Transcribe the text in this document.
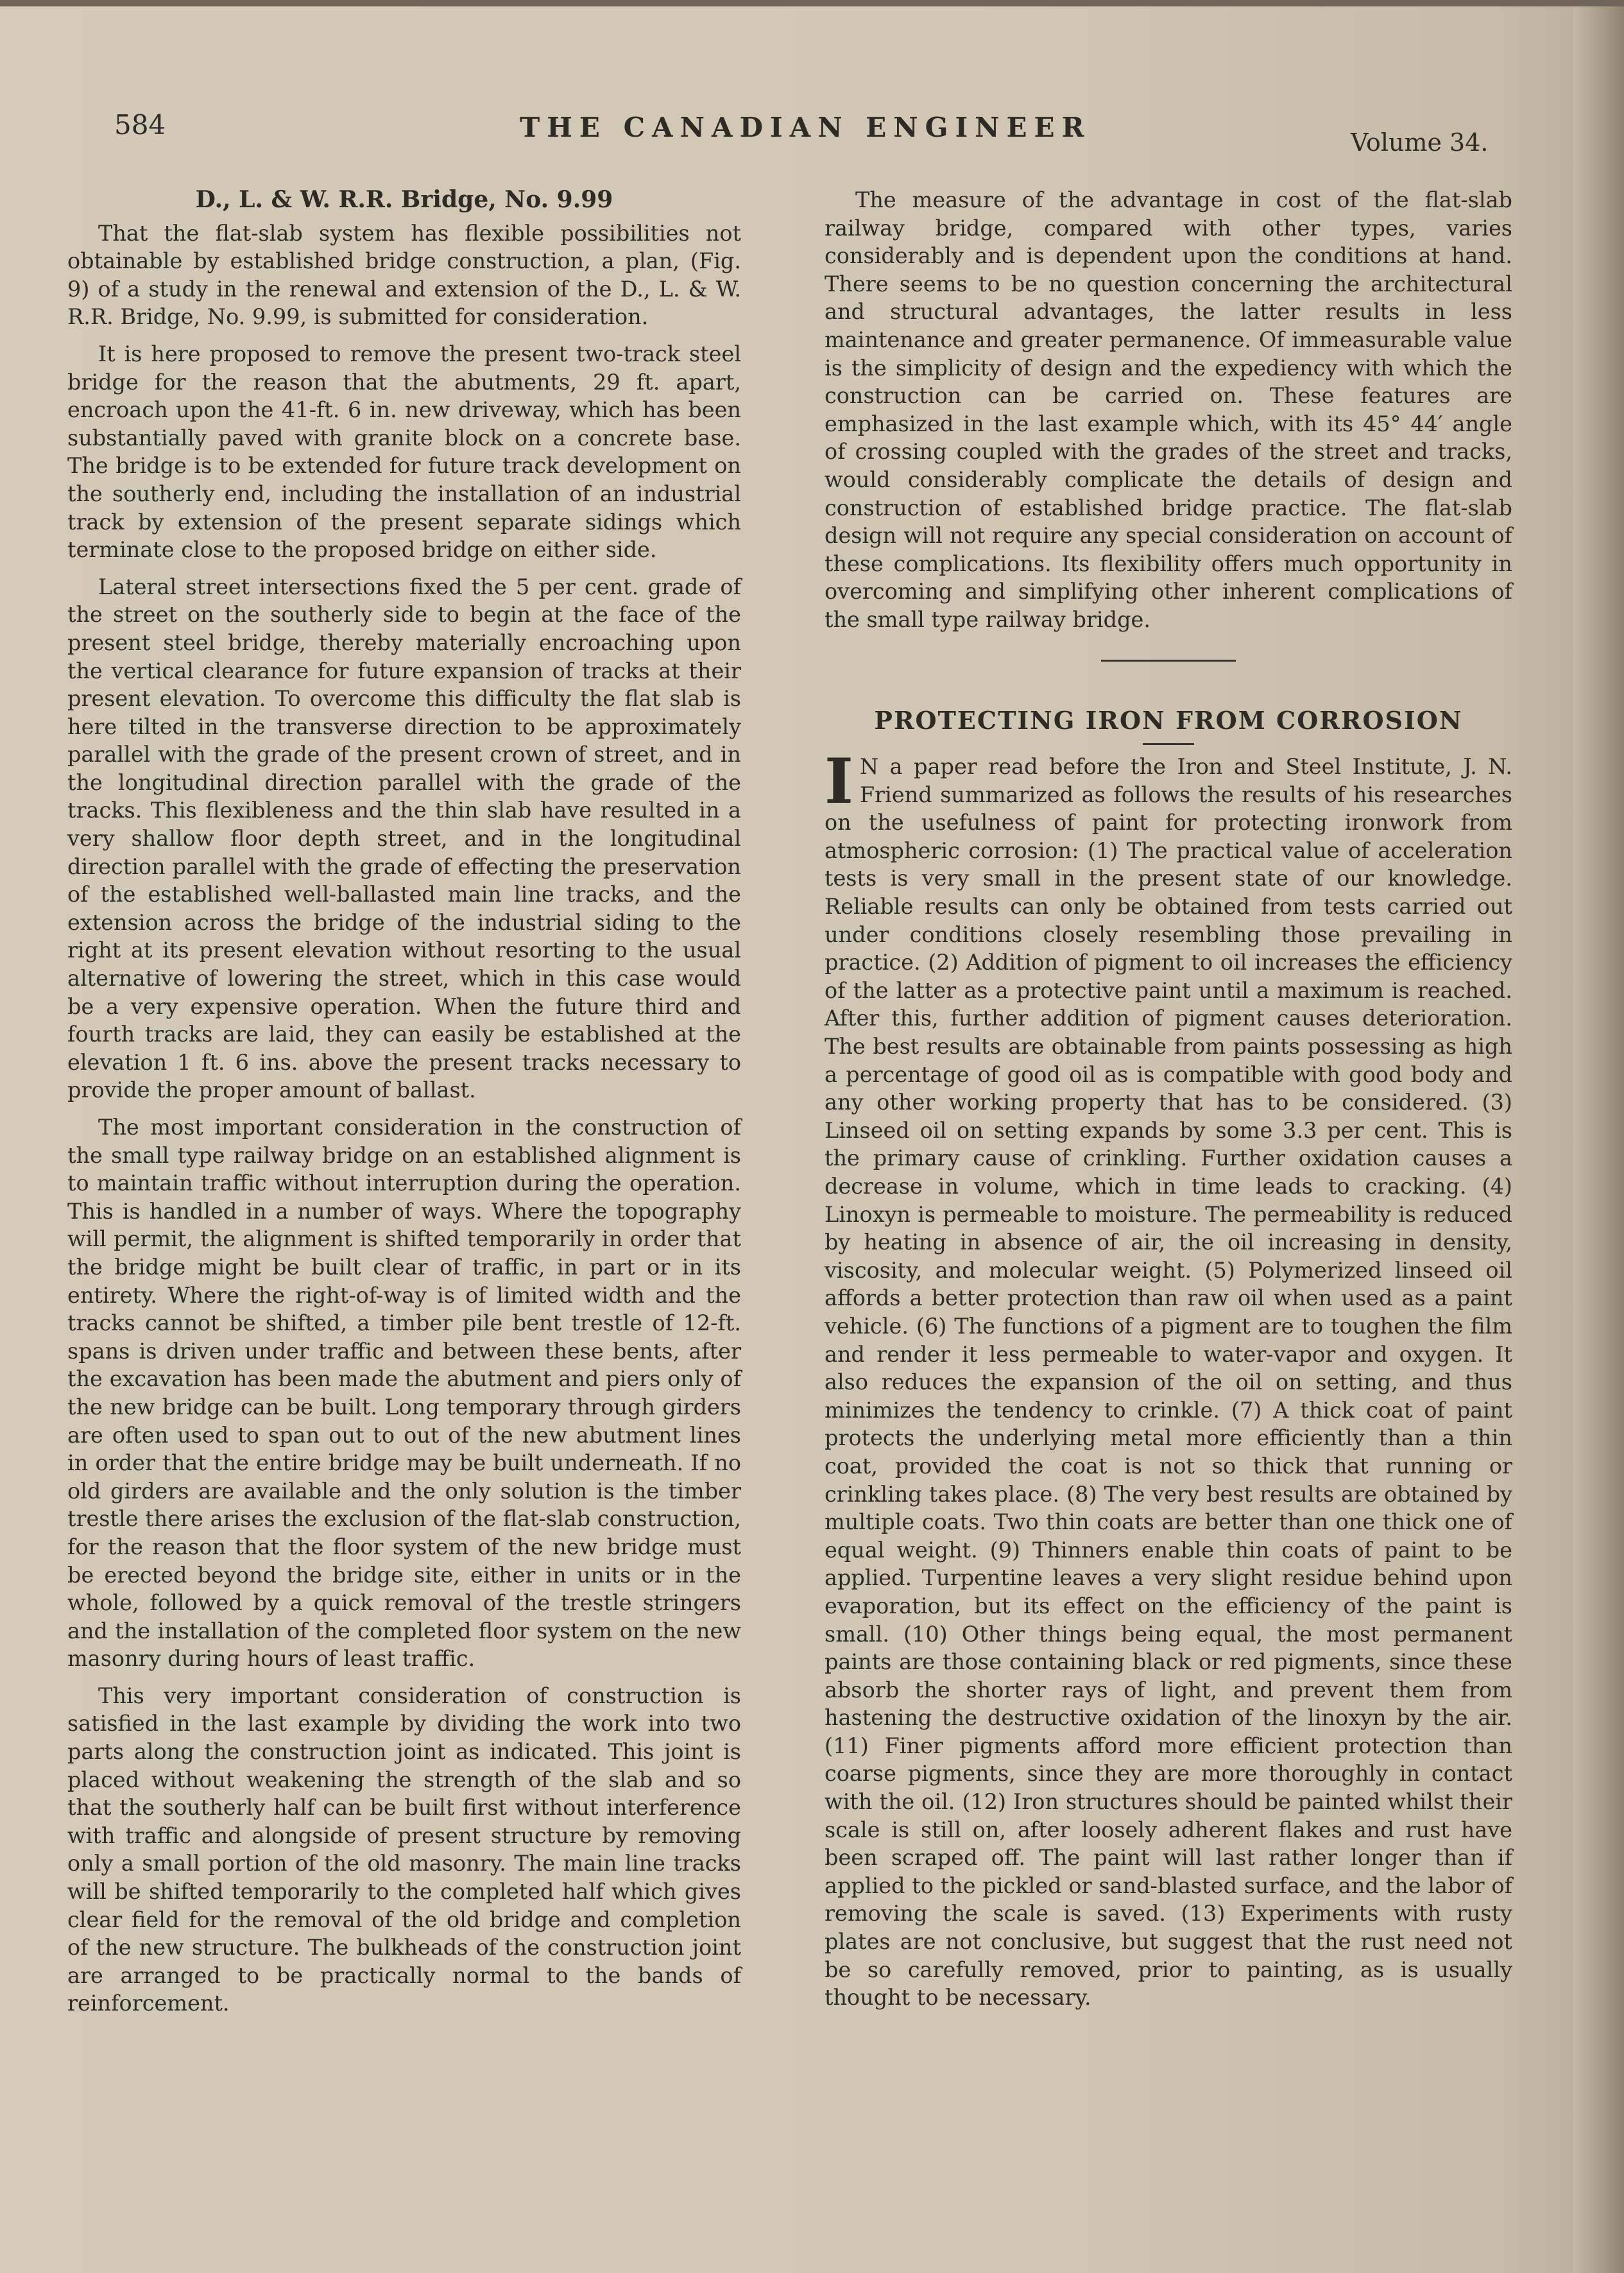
584	THE CANADIAN ENGINEER	Volume 34.
D., L. & W. R.R. Bridge, No. 9.99

That the flat-slab system has flexible possibilities not obtainable by established bridge construction, a plan, (Fig. 9) of a study in the renewal and extension of the D., L. & W. R.R. Bridge, No. 9.99, is submitted for consideration.

It is here proposed to remove the present two-track steel bridge for the reason that the abutments, 29 ft. apart, encroach upon the 41-ft. 6 in. new driveway, which has been substantially paved with granite block on a concrete base. The bridge is to be extended for future track development on the southerly end, including the installation of an industrial track by extension of the present separate sidings which terminate close to the proposed bridge on either side.

Lateral street intersections fixed the 5 per cent. grade of the street on the southerly side to begin at the face of the present steel bridge, thereby materially encroaching upon the vertical clearance for future expansion of tracks at their present elevation. To overcome this difficulty the flat slab is here tilted in the transverse direction to be approximately parallel with the grade of the present crown of street, and in the longitudinal direction parallel with the grade of the tracks. This flexibleness and the thin slab have resulted in a very shallow floor depth street, and in the longitudinal direction parallel with the grade of effecting the preservation of the established well-ballasted main line tracks, and the extension across the bridge of the industrial siding to the right at its present elevation without resorting to the usual alternative of lowering the street, which in this case would be a very expensive operation. When the future third and fourth tracks are laid, they can easily be established at the elevation 1 ft. 6 ins. above the present tracks necessary to provide the proper amount of ballast.

The most important consideration in the construction of the small type railway bridge on an established alignment is to maintain traffic without interruption during the operation. This is handled in a number of ways. Where the topography will permit, the alignment is shifted temporarily in order that the bridge might be built clear of traffic, in part or in its entirety. Where the right-of-way is of limited width and the tracks cannot be shifted, a timber pile bent trestle of 12-ft. spans is driven under traffic and between these bents, after the excavation has been made the abutment and piers only of the new bridge can be built. Long temporary through girders are often used to span out to out of the new abutment lines in order that the entire bridge may be built underneath. If no old girders are available and the only solution is the timber trestle there arises the exclusion of the flat-slab construction, for the reason that the floor system of the new bridge must be erected beyond the bridge site, either in units or in the whole, followed by a quick removal of the trestle stringers and the installation of the completed floor system on the new masonry during hours of least traffic.

This very important consideration of construction is satisfied in the last example by dividing the work into two parts along the construction joint as indicated. This joint is placed without weakening the strength of the slab and so that the southerly half can be built first without interference with traffic and alongside of present structure by removing only a small portion of the old masonry. The main line tracks will be shifted temporarily to the completed half which gives clear field for the removal of the old bridge and completion of the new structure. The bulkheads of the construction joint are arranged to be practically normal to the bands of reinforcement.

The measure of the advantage in cost of the flat-slab railway bridge, compared with other types, varies considerably and is dependent upon the conditions at hand. There seems to be no question concerning the architectural and structural advantages, the latter results in less maintenance and greater permanence. Of immeasurable value is the simplicity of design and the expediency with which the construction can be carried on. These features are emphasized in the last example which, with its 45° 44′ angle of crossing coupled with the grades of the street and tracks, would considerably complicate the details of design and construction of established bridge practice. The flat-slab design will not require any special consideration on account of these complications. Its flexibility offers much opportunity in overcoming and simplifying other inherent complications of the small type railway bridge.

PROTECTING IRON FROM CORROSION

I N a paper read before the Iron and Steel Institute, J. N. Friend summarized as follows the results of his researches on the usefulness of paint for protecting ironwork from atmospheric corrosion: (1) The practical value of acceleration tests is very small in the present state of our knowledge. Reliable results can only be obtained from tests carried out under conditions closely resembling those prevailing in practice. (2) Addition of pigment to oil increases the efficiency of the latter as a protective paint until a maximum is reached. After this, further addition of pigment causes deterioration. The best results are obtainable from paints possessing as high a percentage of good oil as is compatible with good body and any other working property that has to be considered. (3) Linseed oil on setting expands by some 3.3 per cent. This is the primary cause of crinkling. Further oxidation causes a decrease in volume, which in time leads to cracking. (4) Linoxyn is permeable to moisture. The permeability is reduced by heating in absence of air, the oil increasing in density, viscosity, and molecular weight. (5) Polymerized linseed oil affords a better protection than raw oil when used as a paint vehicle. (6) The functions of a pigment are to toughen the film and render it less permeable to water-vapor and oxygen. It also reduces the expansion of the oil on setting, and thus minimizes the tendency to crinkle. (7) A thick coat of paint protects the underlying metal more efficiently than a thin coat, provided the coat is not so thick that running or crinkling takes place. (8) The very best results are obtained by multiple coats. Two thin coats are better than one thick one of equal weight. (9) Thinners enable thin coats of paint to be applied. Turpentine leaves a very slight residue behind upon evaporation, but its effect on the efficiency of the paint is small. (10) Other things being equal, the most permanent paints are those containing black or red pigments, since these absorb the shorter rays of light, and prevent them from hastening the destructive oxidation of the linoxyn by the air. (11) Finer pigments afford more efficient protection than coarse pigments, since they are more thoroughly in contact with the oil. (12) Iron structures should be painted whilst their scale is still on, after loosely adherent flakes and rust have been scraped off. The paint will last rather longer than if applied to the pickled or sand-blasted surface, and the labor of removing the scale is saved. (13) Experiments with rusty plates are not conclusive, but suggest that the rust need not be so carefully removed, prior to painting, as is usually thought to be necessary.
